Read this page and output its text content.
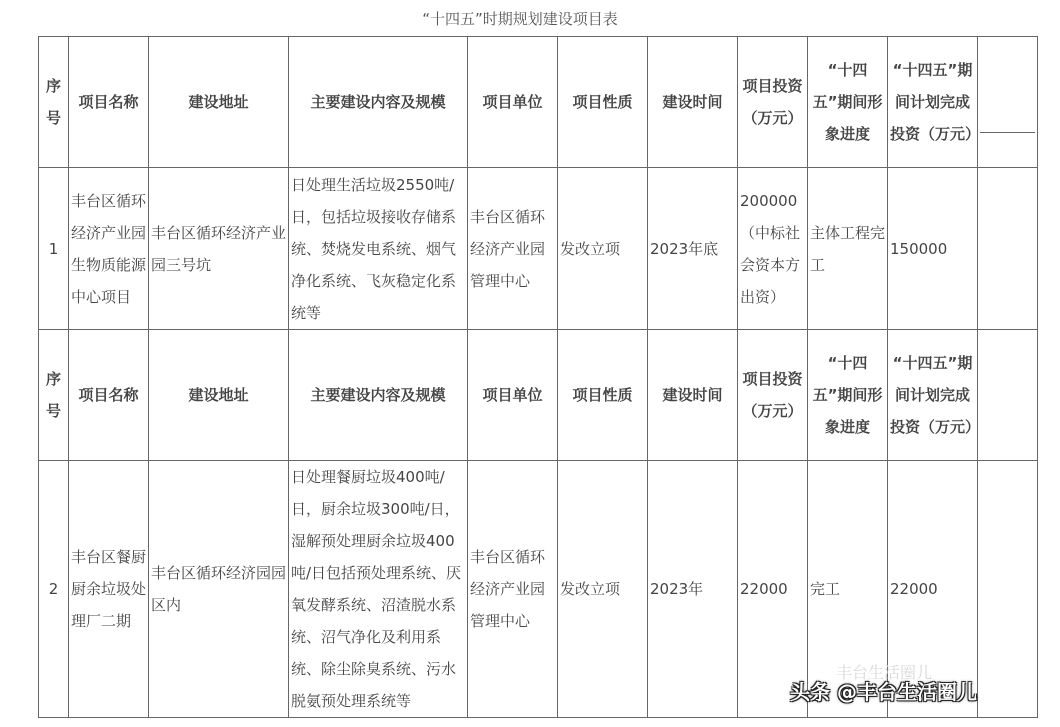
“十四五”时期规划建设项目表
序号	项目名称	建设地址	主要建设内容及规模	项目单位	项目性质	建设时间	项目投资（万元）	“十四五”期间形象进度	“十四五”期间计划完成投资（万元）	

1	丰台区循环经济产业园生物质能源中心项目	丰台区循环经济产业园三号坑	日处理生活垃圾2550吨/日，包括垃圾接收存储系统、焚烧发电系统、烟气净化系统、飞灰稳定化系统等	丰台区循环经济产业园管理中心	发改立项	2023年底	200000（中标社会资本方出资）	主体工程完工	150000	
序号	项目名称	建设地址	主要建设内容及规模	项目单位	项目性质	建设时间	项目投资（万元）	“十四五”期间形象进度	“十四五”期间计划完成投资（万元）	
2	丰台区餐厨厨余垃圾处理厂二期	丰台区循环经济园园区内	日处理餐厨垃圾400吨/日，厨余垃圾300吨/日，湿解预处理厨余垃圾400吨/日包括预处理系统、厌氧发酵系统、沼渣脱水系统、沼气净化及利用系统、除尘除臭系统、污水脱氨预处理系统等	丰台区循环经济产业园管理中心	发改立项	2023年	22000	完工	22000	
丰台生活圈儿
头条 @丰台生活圈儿
